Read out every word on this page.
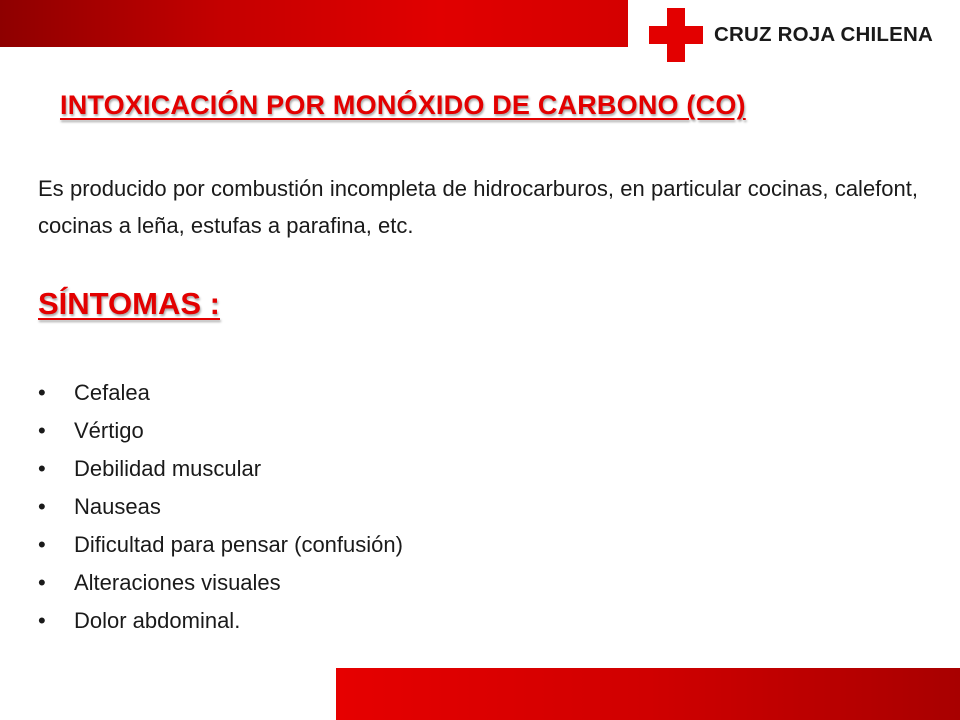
CRUZ ROJA CHILENA
INTOXICACIÓN POR MONÓXIDO DE CARBONO (CO)

Es producido por combustión incompleta de hidrocarburos, en particular cocinas, calefont, cocinas a leña, estufas a parafina, etc.

SÍNTOMAS :
•	Cefalea
•	Vértigo
•	Debilidad muscular
•	Nauseas
•	Dificultad para pensar (confusión)
•	Alteraciones visuales
•	Dolor abdominal.
